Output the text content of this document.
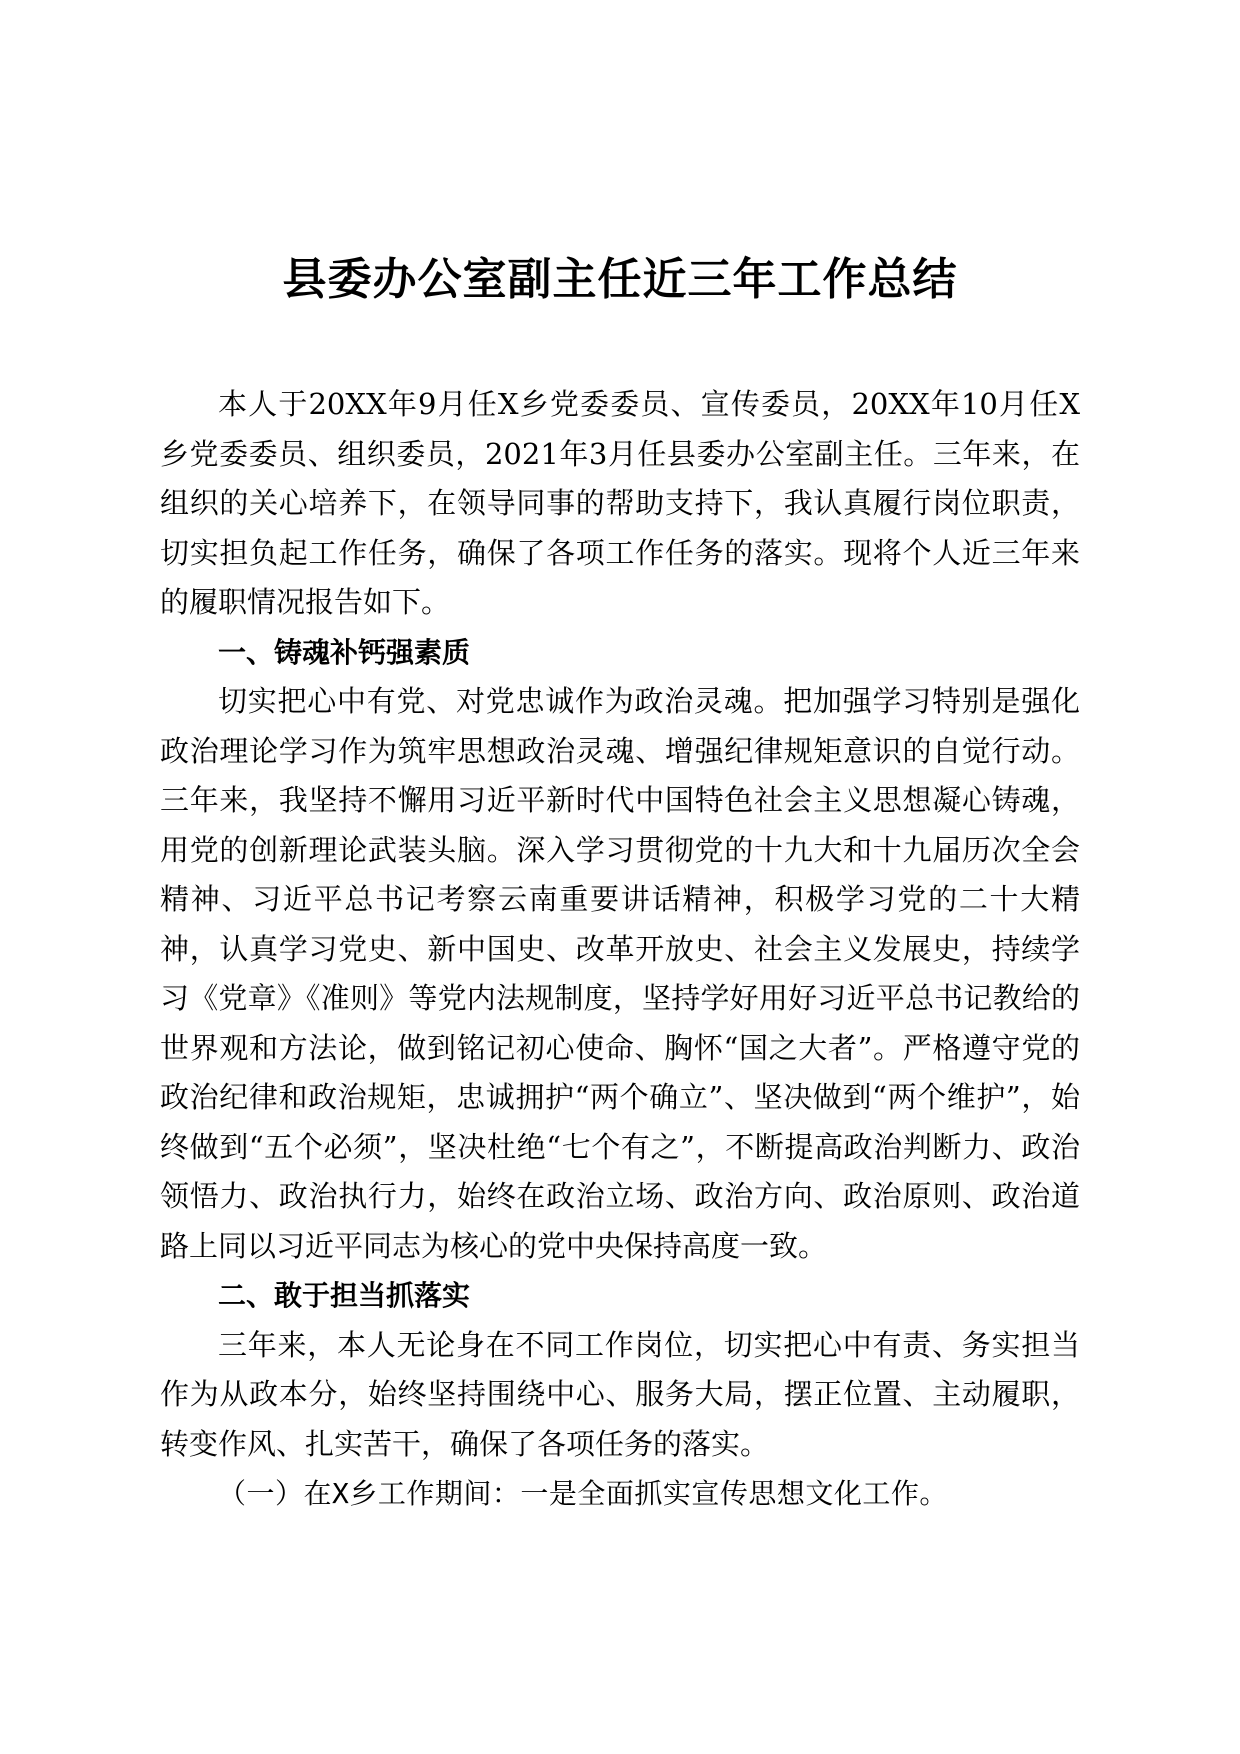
县委办公室副主任近三年工作总结

本人于20XX年9月任X乡党委委员、宣传委员，20XX年10月任X乡党委委员、组织委员，2021年3月任县委办公室副主任。三年来，在组织的关心培养下，在领导同事的帮助支持下，我认真履行岗位职责，切实担负起工作任务，确保了各项工作任务的落实。现将个人近三年来的履职情况报告如下。

一、铸魂补钙强素质

切实把心中有党、对党忠诚作为政治灵魂。把加强学习特别是强化政治理论学习作为筑牢思想政治灵魂、增强纪律规矩意识的自觉行动。三年来，我坚持不懈用习近平新时代中国特色社会主义思想凝心铸魂，用党的创新理论武装头脑。深入学习贯彻党的十九大和十九届历次全会精神、习近平总书记考察云南重要讲话精神，积极学习党的二十大精神，认真学习党史、新中国史、改革开放史、社会主义发展史，持续学习《党章》《准则》等党内法规制度，坚持学好用好习近平总书记教给的世界观和方法论，做到铭记初心使命、胸怀“国之大者”。严格遵守党的政治纪律和政治规矩，忠诚拥护“两个确立”、坚决做到“两个维护”，始终做到“五个必须”，坚决杜绝“七个有之”，不断提高政治判断力、政治领悟力、政治执行力，始终在政治立场、政治方向、政治原则、政治道路上同以习近平同志为核心的党中央保持高度一致。

二、敢于担当抓落实

三年来，本人无论身在不同工作岗位，切实把心中有责、务实担当作为从政本分，始终坚持围绕中心、服务大局，摆正位置、主动履职，转变作风、扎实苦干，确保了各项任务的落实。

（一）在X乡工作期间：一是全面抓实宣传思想文化工作。
